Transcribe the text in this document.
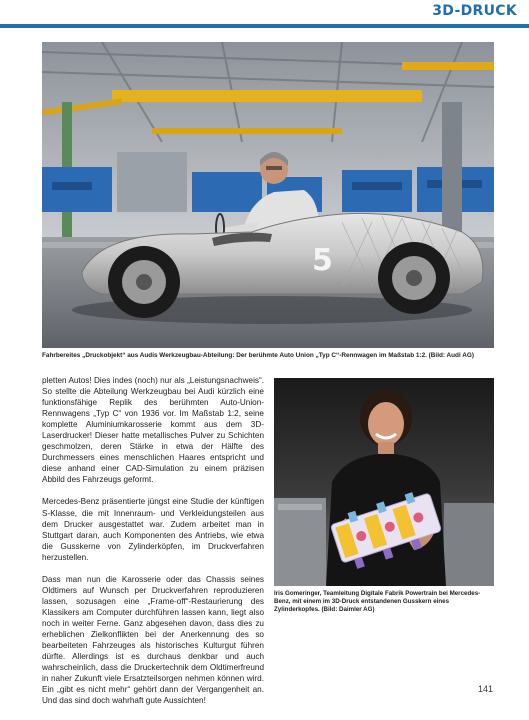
3D-DRUCK
5
Fahrbereites „Druckobjekt“ aus Audis Werkzeugbau-Abteilung: Der berühmte Auto Union „Typ C“-Rennwagen im Maßstab 1:2. (Bild: Audi AG)

pletten Autos! Dies indes (noch) nur als „Leistungsnachweis“. So stellte die Abteilung Werkzeugbau bei Audi kürzlich eine funktionsfähige Replik des berühmten Auto-Union-Rennwagens „Typ C“ von 1936 vor. Im Maßstab 1:2, seine komplette Aluminiumkarosserie kommt aus dem 3D-Laserdrucker! Dieser hatte metallisches Pulver zu Schichten geschmolzen, deren Stärke in etwa der Hälfte des Durchmessers eines menschlichen Haares entspricht und diese anhand einer CAD-Simulation zu einem präzisen Abbild des Fahrzeugs geformt.

Mercedes-Benz präsentierte jüngst eine Studie der künftigen S-Klasse, die mit Innenraum- und Verkleidungsteilen aus dem Drucker ausgestattet war. Zudem arbeitet man in Stuttgart daran, auch Komponenten des Antriebs, wie etwa die Gusskerne von Zylinderköpfen, im Druckverfahren herzustellen.

Dass man nun die Karosserie oder das Chassis seines Oldtimers auf Wunsch per Druckverfahren reproduzieren lassen, sozusagen eine „Frame-off“-Restaurierung des Klassikers am Computer durchführen lassen kann, liegt also noch in weiter Ferne. Ganz abgesehen davon, dass dies zu erheblichen Zielkonflikten bei der Anerkennung des so bearbeiteten Fahrzeuges als historisches Kulturgut führen dürfte. Allerdings ist es durchaus denkbar und auch wahrscheinlich, dass die Druckertechnik dem Oldtimerfreund in naher Zukunft viele Ersatzteilsorgen nehmen können wird. Ein „gibt es nicht mehr“ gehört dann der Vergangenheit an. Und das sind doch wahrhaft gute Aussichten!

Iris Gomeringer, Teamleitung Digitale Fabrik Powertrain bei Mercedes-Benz, mit einem im 3D-Druck entstandenen Gusskern eines Zylinderkopfes. (Bild: Daimler AG)
141
